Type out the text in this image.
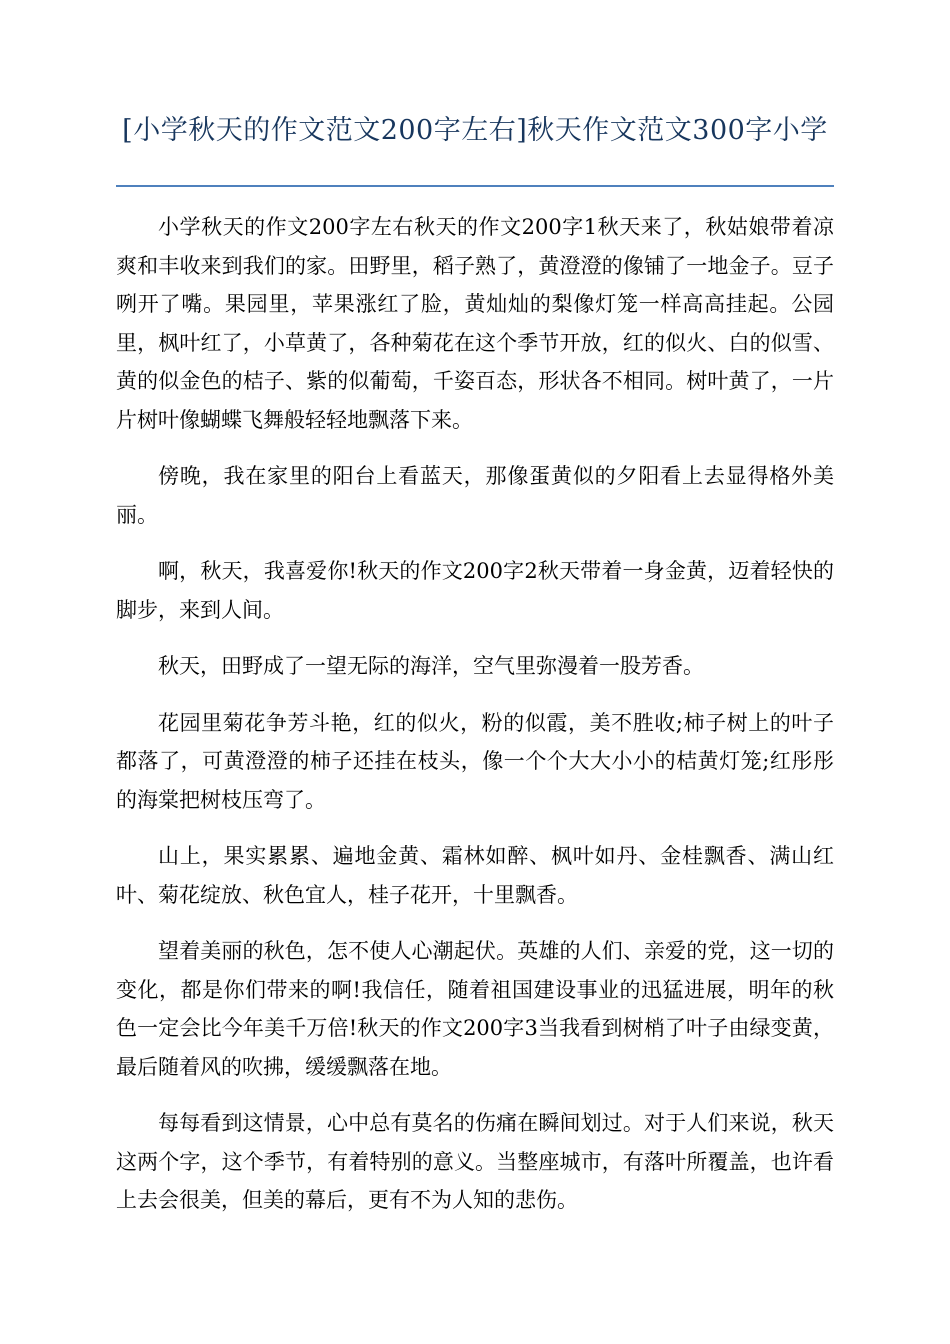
[小学秋天的作文范文200字左右]秋天作文范文300字小学

小学秋天的作文200字左右秋天的作文200字1秋天来了，秋姑娘带着凉爽和丰收来到我们的家。田野里，稻子熟了，黄澄澄的像铺了一地金子。豆子咧开了嘴。果园里，苹果涨红了脸，黄灿灿的梨像灯笼一样高高挂起。公园里，枫叶红了，小草黄了，各种菊花在这个季节开放，红的似火、白的似雪、黄的似金色的桔子、紫的似葡萄，千姿百态，形状各不相同。树叶黄了，一片片树叶像蝴蝶飞舞般轻轻地飘落下来。

傍晚，我在家里的阳台上看蓝天，那像蛋黄似的夕阳看上去显得格外美丽。

啊，秋天，我喜爱你!秋天的作文200字2秋天带着一身金黄，迈着轻快的脚步，来到人间。

秋天，田野成了一望无际的海洋，空气里弥漫着一股芳香。

花园里菊花争芳斗艳，红的似火，粉的似霞，美不胜收;柿子树上的叶子都落了，可黄澄澄的柿子还挂在枝头，像一个个大大小小的桔黄灯笼;红彤彤的海棠把树枝压弯了。

山上，果实累累、遍地金黄、霜林如醉、枫叶如丹、金桂飘香、满山红叶、菊花绽放、秋色宜人，桂子花开，十里飘香。

望着美丽的秋色，怎不使人心潮起伏。英雄的人们、亲爱的党，这一切的变化，都是你们带来的啊!我信任，随着祖国建设事业的迅猛进展，明年的秋色一定会比今年美千万倍!秋天的作文200字3当我看到树梢了叶子由绿变黄，最后随着风的吹拂，缓缓飘落在地。

每每看到这情景，心中总有莫名的伤痛在瞬间划过。对于人们来说，秋天这两个字，这个季节，有着特别的意义。当整座城市，有落叶所覆盖，也许看上去会很美，但美的幕后，更有不为人知的悲伤。
